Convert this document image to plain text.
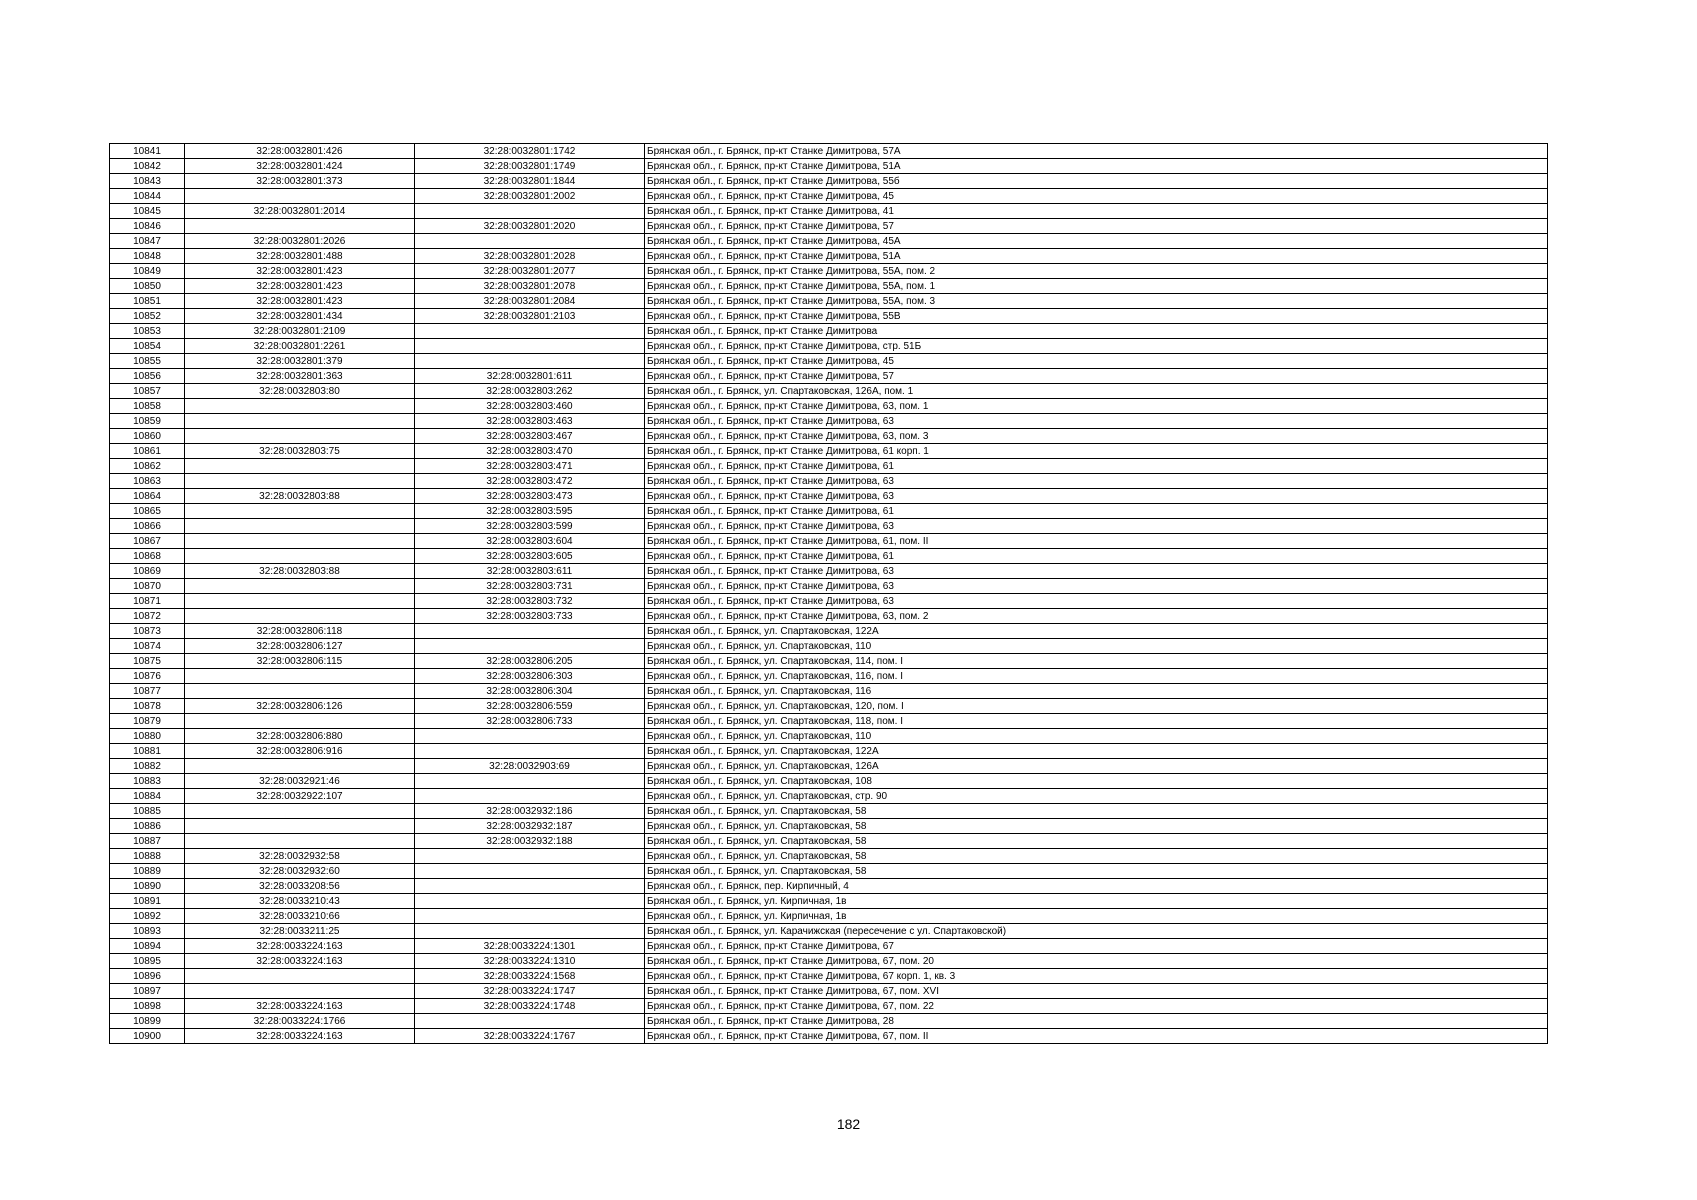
10841	32:28:0032801:426	32:28:0032801:1742	Брянская обл., г. Брянск, пр-кт Станке Димитрова, 57А
10842	32:28:0032801:424	32:28:0032801:1749	Брянская обл., г. Брянск, пр-кт Станке Димитрова, 51А
10843	32:28:0032801:373	32:28:0032801:1844	Брянская обл., г. Брянск, пр-кт Станке Димитрова, 55б
10844		32:28:0032801:2002	Брянская обл., г. Брянск, пр-кт Станке Димитрова, 45
10845	32:28:0032801:2014		Брянская обл., г. Брянск, пр-кт Станке Димитрова, 41
10846		32:28:0032801:2020	Брянская обл., г. Брянск, пр-кт Станке Димитрова, 57
10847	32:28:0032801:2026		Брянская обл., г. Брянск, пр-кт Станке Димитрова, 45А
10848	32:28:0032801:488	32:28:0032801:2028	Брянская обл., г. Брянск, пр-кт Станке Димитрова, 51А
10849	32:28:0032801:423	32:28:0032801:2077	Брянская обл., г. Брянск, пр-кт Станке Димитрова, 55А, пом. 2
10850	32:28:0032801:423	32:28:0032801:2078	Брянская обл., г. Брянск, пр-кт Станке Димитрова, 55А, пом. 1
10851	32:28:0032801:423	32:28:0032801:2084	Брянская обл., г. Брянск, пр-кт Станке Димитрова, 55А, пом. 3
10852	32:28:0032801:434	32:28:0032801:2103	Брянская обл., г. Брянск, пр-кт Станке Димитрова, 55В
10853	32:28:0032801:2109		Брянская обл., г. Брянск, пр-кт Станке Димитрова
10854	32:28:0032801:2261		Брянская обл., г. Брянск, пр-кт Станке Димитрова, стр. 51Б
10855	32:28:0032801:379		Брянская обл., г. Брянск, пр-кт Станке Димитрова, 45
10856	32:28:0032801:363	32:28:0032801:611	Брянская обл., г. Брянск, пр-кт Станке Димитрова, 57
10857	32:28:0032803:80	32:28:0032803:262	Брянская обл., г. Брянск, ул. Спартаковская, 126А, пом. 1
10858		32:28:0032803:460	Брянская обл., г. Брянск, пр-кт Станке Димитрова, 63, пом. 1
10859		32:28:0032803:463	Брянская обл., г. Брянск, пр-кт Станке Димитрова, 63
10860		32:28:0032803:467	Брянская обл., г. Брянск, пр-кт Станке Димитрова, 63, пом. 3
10861	32:28:0032803:75	32:28:0032803:470	Брянская обл., г. Брянск, пр-кт Станке Димитрова, 61 корп. 1
10862		32:28:0032803:471	Брянская обл., г. Брянск, пр-кт Станке Димитрова, 61
10863		32:28:0032803:472	Брянская обл., г. Брянск, пр-кт Станке Димитрова, 63
10864	32:28:0032803:88	32:28:0032803:473	Брянская обл., г. Брянск, пр-кт Станке Димитрова, 63
10865		32:28:0032803:595	Брянская обл., г. Брянск, пр-кт Станке Димитрова, 61
10866		32:28:0032803:599	Брянская обл., г. Брянск, пр-кт Станке Димитрова, 63
10867		32:28:0032803:604	Брянская обл., г. Брянск, пр-кт Станке Димитрова, 61, пом. II
10868		32:28:0032803:605	Брянская обл., г. Брянск, пр-кт Станке Димитрова, 61
10869	32:28:0032803:88	32:28:0032803:611	Брянская обл., г. Брянск, пр-кт Станке Димитрова, 63
10870		32:28:0032803:731	Брянская обл., г. Брянск, пр-кт Станке Димитрова, 63
10871		32:28:0032803:732	Брянская обл., г. Брянск, пр-кт Станке Димитрова, 63
10872		32:28:0032803:733	Брянская обл., г. Брянск, пр-кт Станке Димитрова, 63, пом. 2
10873	32:28:0032806:118		Брянская обл., г. Брянск, ул. Спартаковская, 122А
10874	32:28:0032806:127		Брянская обл., г. Брянск, ул. Спартаковская, 110
10875	32:28:0032806:115	32:28:0032806:205	Брянская обл., г. Брянск, ул. Спартаковская, 114, пом. I
10876		32:28:0032806:303	Брянская обл., г. Брянск, ул. Спартаковская, 116, пом. I
10877		32:28:0032806:304	Брянская обл., г. Брянск, ул. Спартаковская, 116
10878	32:28:0032806:126	32:28:0032806:559	Брянская обл., г. Брянск, ул. Спартаковская, 120, пом. I
10879		32:28:0032806:733	Брянская обл., г. Брянск, ул. Спартаковская, 118, пом. I
10880	32:28:0032806:880		Брянская обл., г. Брянск, ул. Спартаковская, 110
10881	32:28:0032806:916		Брянская обл., г. Брянск, ул. Спартаковская, 122А
10882		32:28:0032903:69	Брянская обл., г. Брянск, ул. Спартаковская, 126А
10883	32:28:0032921:46		Брянская обл., г. Брянск, ул. Спартаковская, 108
10884	32:28:0032922:107		Брянская обл., г. Брянск, ул. Спартаковская, стр. 90
10885		32:28:0032932:186	Брянская обл., г. Брянск, ул. Спартаковская, 58
10886		32:28:0032932:187	Брянская обл., г. Брянск, ул. Спартаковская, 58
10887		32:28:0032932:188	Брянская обл., г. Брянск, ул. Спартаковская, 58
10888	32:28:0032932:58		Брянская обл., г. Брянск, ул. Спартаковская, 58
10889	32:28:0032932:60		Брянская обл., г. Брянск, ул. Спартаковская, 58
10890	32:28:0033208:56		Брянская обл., г. Брянск, пер. Кирпичный, 4
10891	32:28:0033210:43		Брянская обл., г. Брянск, ул. Кирпичная, 1в
10892	32:28:0033210:66		Брянская обл., г. Брянск, ул. Кирпичная, 1в
10893	32:28:0033211:25		Брянская обл., г. Брянск, ул. Карачижская (пересечение с ул. Спартаковской)
10894	32:28:0033224:163	32:28:0033224:1301	Брянская обл., г. Брянск, пр-кт Станке Димитрова, 67
10895	32:28:0033224:163	32:28:0033224:1310	Брянская обл., г. Брянск, пр-кт Станке Димитрова, 67, пом. 20
10896		32:28:0033224:1568	Брянская обл., г. Брянск, пр-кт Станке Димитрова, 67 корп. 1, кв. 3
10897		32:28:0033224:1747	Брянская обл., г. Брянск, пр-кт Станке Димитрова, 67, пом. XVI
10898	32:28:0033224:163	32:28:0033224:1748	Брянская обл., г. Брянск, пр-кт Станке Димитрова, 67, пом. 22
10899	32:28:0033224:1766		Брянская обл., г. Брянск, пр-кт Станке Димитрова, 28
10900	32:28:0033224:163	32:28:0033224:1767	Брянская обл., г. Брянск, пр-кт Станке Димитрова, 67, пом. II
182
